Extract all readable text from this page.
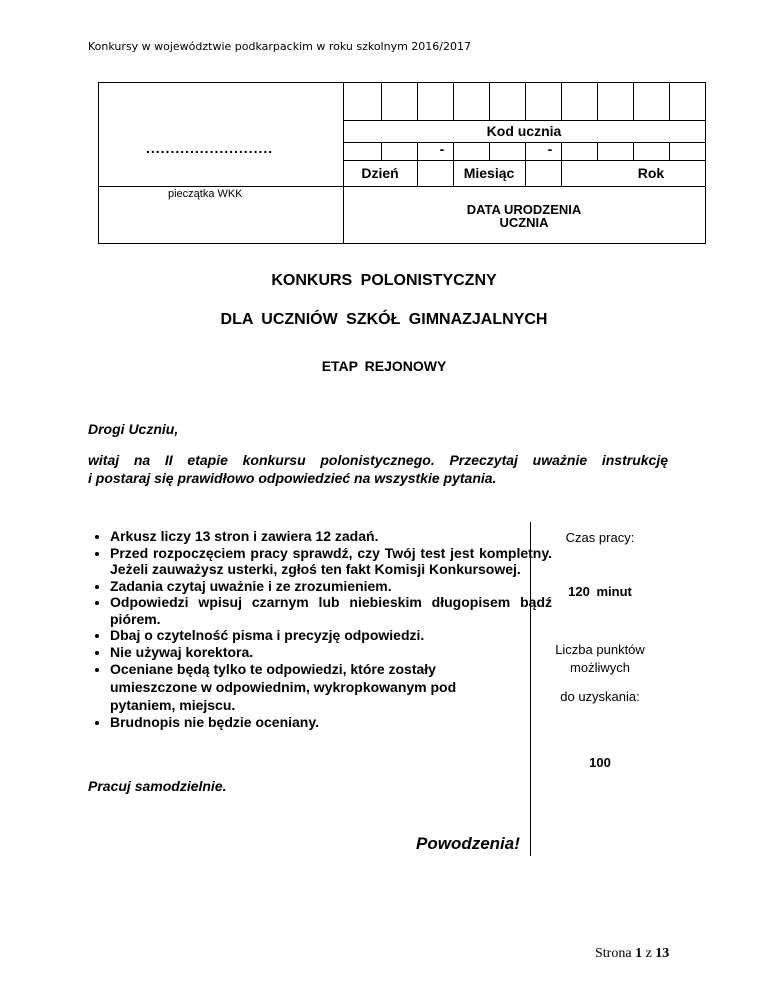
Konkursy w województwie podkarpackim w roku szkolnym 2016/2017
Kod ucznia
-	-
Dzień	Miesiąc	Rok
DATA URODZENIA
UCZNIA
..........................
pieczątka WKK
KONKURS POLONISTYCZNY
DLA UCZNIÓW SZKÓŁ GIMNAZJALNYCH
ETAP REJONOWY
Drogi Uczniu,
witaj na II etapie konkursu polonistycznego. Przeczytaj uważnie instrukcję
i postaraj się prawidłowo odpowiedzieć na wszystkie pytania.
• Arkusz liczy 13 stron i zawiera 12 zadań.
• Przed rozpoczęciem pracy sprawdź, czy Twój test jest kompletny. Jeżeli zauważysz usterki, zgłoś ten fakt Komisji Konkursowej.
• Zadania czytaj uważnie i ze zrozumieniem.
• Odpowiedzi wpisuj czarnym lub niebieskim długopisem bądź piórem.
• Dbaj o czytelność pisma i precyzję odpowiedzi.
• Nie używaj korektora.
• Oceniane będą tylko te odpowiedzi, które zostały umieszczone w odpowiednim, wykropkowanym pod pytaniem, miejscu.
• Brudnopis nie będzie oceniany.
Pracuj samodzielnie.
Powodzenia!
Czas pracy:
120 minut
Liczba punktów
możliwych
do uzyskania:
100
Strona 1 z 13
